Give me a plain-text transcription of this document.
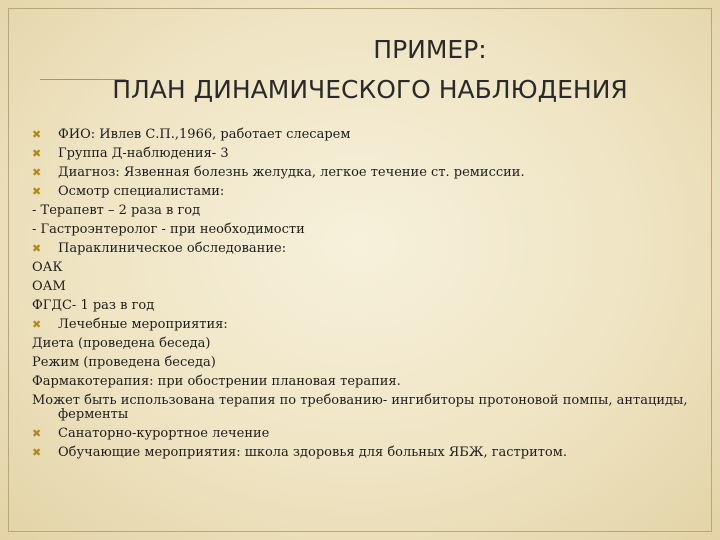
ПРИМЕР:
ПЛАН ДИНАМИЧЕСКОГО НАБЛЮДЕНИЯ
✖	ФИО: Ивлев С.П.,1966, работает слесарем
✖	Группа Д-наблюдения- 3
✖	Диагноз: Язвенная болезнь желудка, легкое течение ст. ремиссии.
✖	Осмотр специалистами:
- Терапевт – 2 раза в год
- Гастроэнтеролог - при необходимости
✖	Параклиническое обследование:
ОАК
ОАМ
ФГДС- 1 раз в год
✖	Лечебные мероприятия:
Диета (проведена беседа)
Режим (проведена беседа)
Фармакотерапия: при обострении плановая терапия.
Может быть использована терапия по требованию- ингибиторы протоновой помпы, антациды,
ферменты
✖	Санаторно-курортное лечение
✖	Обучающие мероприятия: школа здоровья для больных ЯБЖ, гастритом.
